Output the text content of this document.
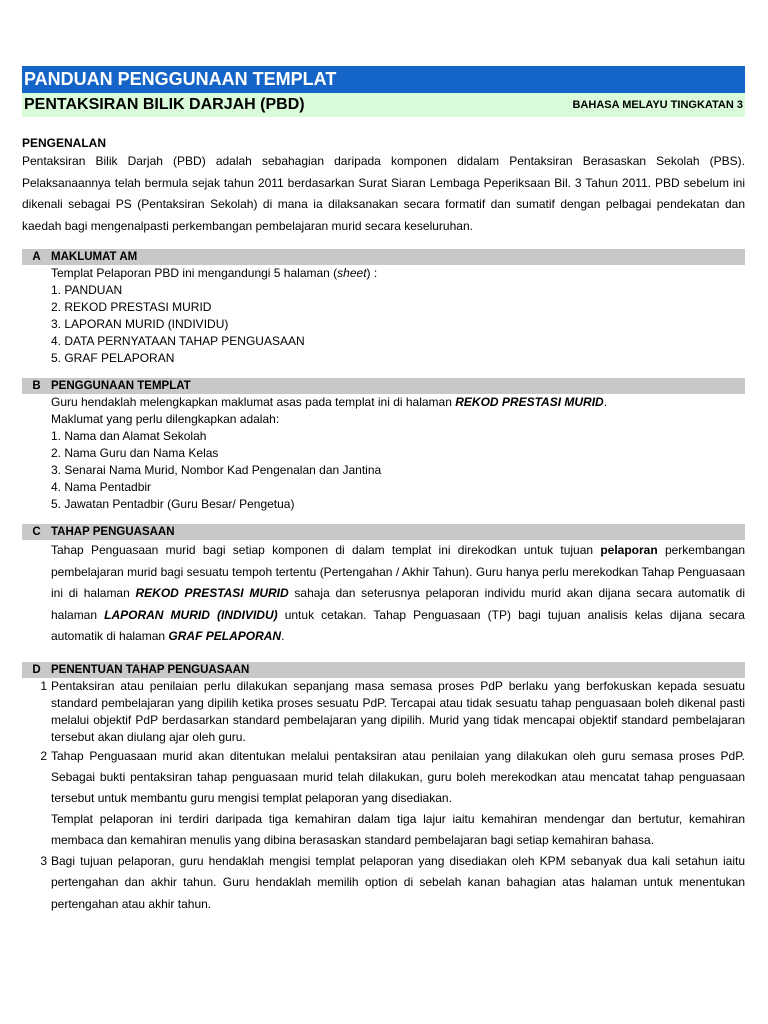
PANDUAN PENGGUNAAN TEMPLAT
PENTAKSIRAN BILIK DARJAH (PBD)	BAHASA MELAYU TINGKATAN 3
PENGENALAN
Pentaksiran Bilik Darjah (PBD) adalah sebahagian daripada komponen didalam Pentaksiran Berasaskan Sekolah (PBS). Pelaksanaannya telah bermula sejak tahun 2011 berdasarkan Surat Siaran Lembaga Peperiksaan Bil. 3 Tahun 2011. PBD sebelum ini dikenali sebagai PS (Pentaksiran Sekolah) di mana ia dilaksanakan secara formatif dan sumatif dengan pelbagai pendekatan dan kaedah bagi mengenalpasti perkembangan pembelajaran murid secara keseluruhan.
A MAKLUMAT AM
Templat Pelaporan PBD ini mengandungi 5 halaman (sheet) :
1. PANDUAN
2. REKOD PRESTASI MURID
3. LAPORAN MURID (INDIVIDU)
4. DATA PERNYATAAN TAHAP PENGUASAAN
5. GRAF PELAPORAN
B PENGGUNAAN TEMPLAT
Guru hendaklah melengkapkan maklumat asas pada templat ini di halaman REKOD PRESTASI MURID.
Maklumat yang perlu dilengkapkan adalah:
1. Nama dan Alamat Sekolah
2. Nama Guru dan Nama Kelas
3. Senarai Nama Murid, Nombor Kad Pengenalan dan Jantina
4. Nama Pentadbir
5. Jawatan Pentadbir (Guru Besar/ Pengetua)
C TAHAP PENGUASAAN
Tahap Penguasaan murid bagi setiap komponen di dalam templat ini direkodkan untuk tujuan pelaporan perkembangan pembelajaran murid bagi sesuatu tempoh tertentu (Pertengahan / Akhir Tahun). Guru hanya perlu merekodkan Tahap Penguasaan ini di halaman REKOD PRESTASI MURID sahaja dan seterusnya pelaporan individu murid akan dijana secara automatik di halaman LAPORAN MURID (INDIVIDU) untuk cetakan. Tahap Penguasaan (TP) bagi tujuan analisis kelas dijana secara automatik di halaman GRAF PELAPORAN.
D PENENTUAN TAHAP PENGUASAAN
1 Pentaksiran atau penilaian perlu dilakukan sepanjang masa semasa proses PdP berlaku yang berfokuskan kepada sesuatu standard pembelajaran yang dipilih ketika proses sesuatu PdP. Tercapai atau tidak sesuatu tahap penguasaan boleh dikenal pasti melalui objektif PdP berdasarkan standard pembelajaran yang dipilih. Murid yang tidak mencapai objektif standard pembelajaran tersebut akan diulang ajar oleh guru.
2 Tahap Penguasaan murid akan ditentukan melalui pentaksiran atau penilaian yang dilakukan oleh guru semasa proses PdP. Sebagai bukti pentaksiran tahap penguasaan murid telah dilakukan, guru boleh merekodkan atau mencatat tahap penguasaan tersebut untuk membantu guru mengisi templat pelaporan yang disediakan.
Templat pelaporan ini terdiri daripada tiga kemahiran dalam tiga lajur iaitu kemahiran mendengar dan bertutur, kemahiran membaca dan kemahiran menulis yang dibina berasaskan standard pembelajaran bagi setiap kemahiran bahasa.
3 Bagi tujuan pelaporan, guru hendaklah mengisi templat pelaporan yang disediakan oleh KPM sebanyak dua kali setahun iaitu pertengahan dan akhir tahun. Guru hendaklah memilih option di sebelah kanan bahagian atas halaman untuk menentukan pertengahan atau akhir tahun.
